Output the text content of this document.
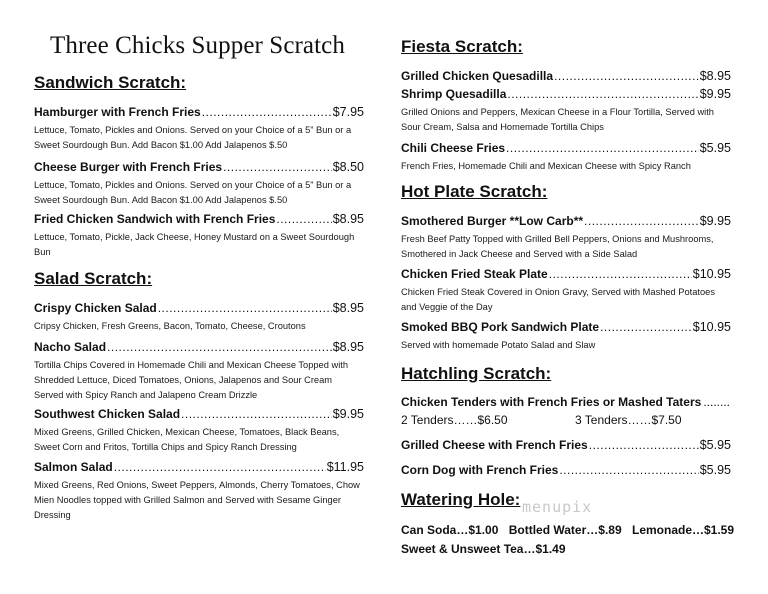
Three Chicks Supper Scratch
Sandwich Scratch:
Hamburger with French Fries .....	$7.95
Lettuce, Tomato, Pickles and Onions. Served on your Choice of a 5” Bun or a Sweet Sourdough Bun. Add Bacon $1.00 Add Jalapenos $.50
Cheese Burger with French Fries .....	$8.50
Lettuce, Tomato, Pickles and Onions. Served on your Choice of a 5” Bun or a Sweet Sourdough Bun. Add Bacon $1.00 Add Jalapenos $.50
Fried Chicken Sandwich with French Fries .....	$8.95
Lettuce, Tomato, Pickle, Jack Cheese, Honey Mustard on a Sweet Sourdough Bun
Salad Scratch:
Crispy Chicken Salad .....	$8.95
Cripsy Chicken, Fresh Greens, Bacon, Tomato, Cheese, Croutons
Nacho Salad .....	$8.95
Tortilla Chips Covered in Homemade Chili and Mexican Cheese Topped with Shredded Lettuce, Diced Tomatoes, Onions, Jalapenos and Sour Cream Served with Spicy Ranch and Jalapeno Cream Drizzle
Southwest Chicken Salad .....	$9.95
Mixed Greens, Grilled Chicken, Mexican Cheese, Tomatoes, Black Beans, Sweet Corn and Fritos, Tortilla Chips and Spicy Ranch Dressing
Salmon Salad .....	$11.95
Mixed Greens, Red Onions, Sweet Peppers, Almonds, Cherry Tomatoes, Chow Mien Noodles topped with Grilled Salmon and Served with Sesame Ginger Dressing
Fiesta Scratch:
Grilled Chicken Quesadilla .....	$8.95
Shrimp Quesadilla .....	$9.95
Grilled Onions and Peppers, Mexican Cheese in a Flour Tortilla, Served with Sour Cream, Salsa and Homemade Tortilla Chips
Chili Cheese Fries .....	$5.95
French Fries, Homemade Chili and Mexican Cheese with Spicy Ranch
Hot Plate Scratch:
Smothered Burger **Low Carb** .....	$9.95
Fresh Beef Patty Topped with Grilled Bell Peppers, Onions and Mushrooms, Smothered in Jack Cheese and Served with a Side Salad
Chicken Fried Steak Plate .....	$10.95
Chicken Fried Steak Covered in Onion Gravy, Served with Mashed Potatoes and Veggie of the Day
Smoked BBQ Pork Sandwich Plate .....	$10.95
Served with homemade Potato Salad and Slaw
Hatchling Scratch:
Chicken Tenders with French Fries or Mashed Taters ........
2 Tenders……$6.50	3 Tenders……$7.50
Grilled Cheese with French Fries .....	$5.95
Corn Dog with French Fries .....	$5.95
Watering Hole:
Can Soda…$1.00 Bottled Water…$.89 Lemonade…$1.59
Sweet & Unsweet Tea…$1.49
menupix
